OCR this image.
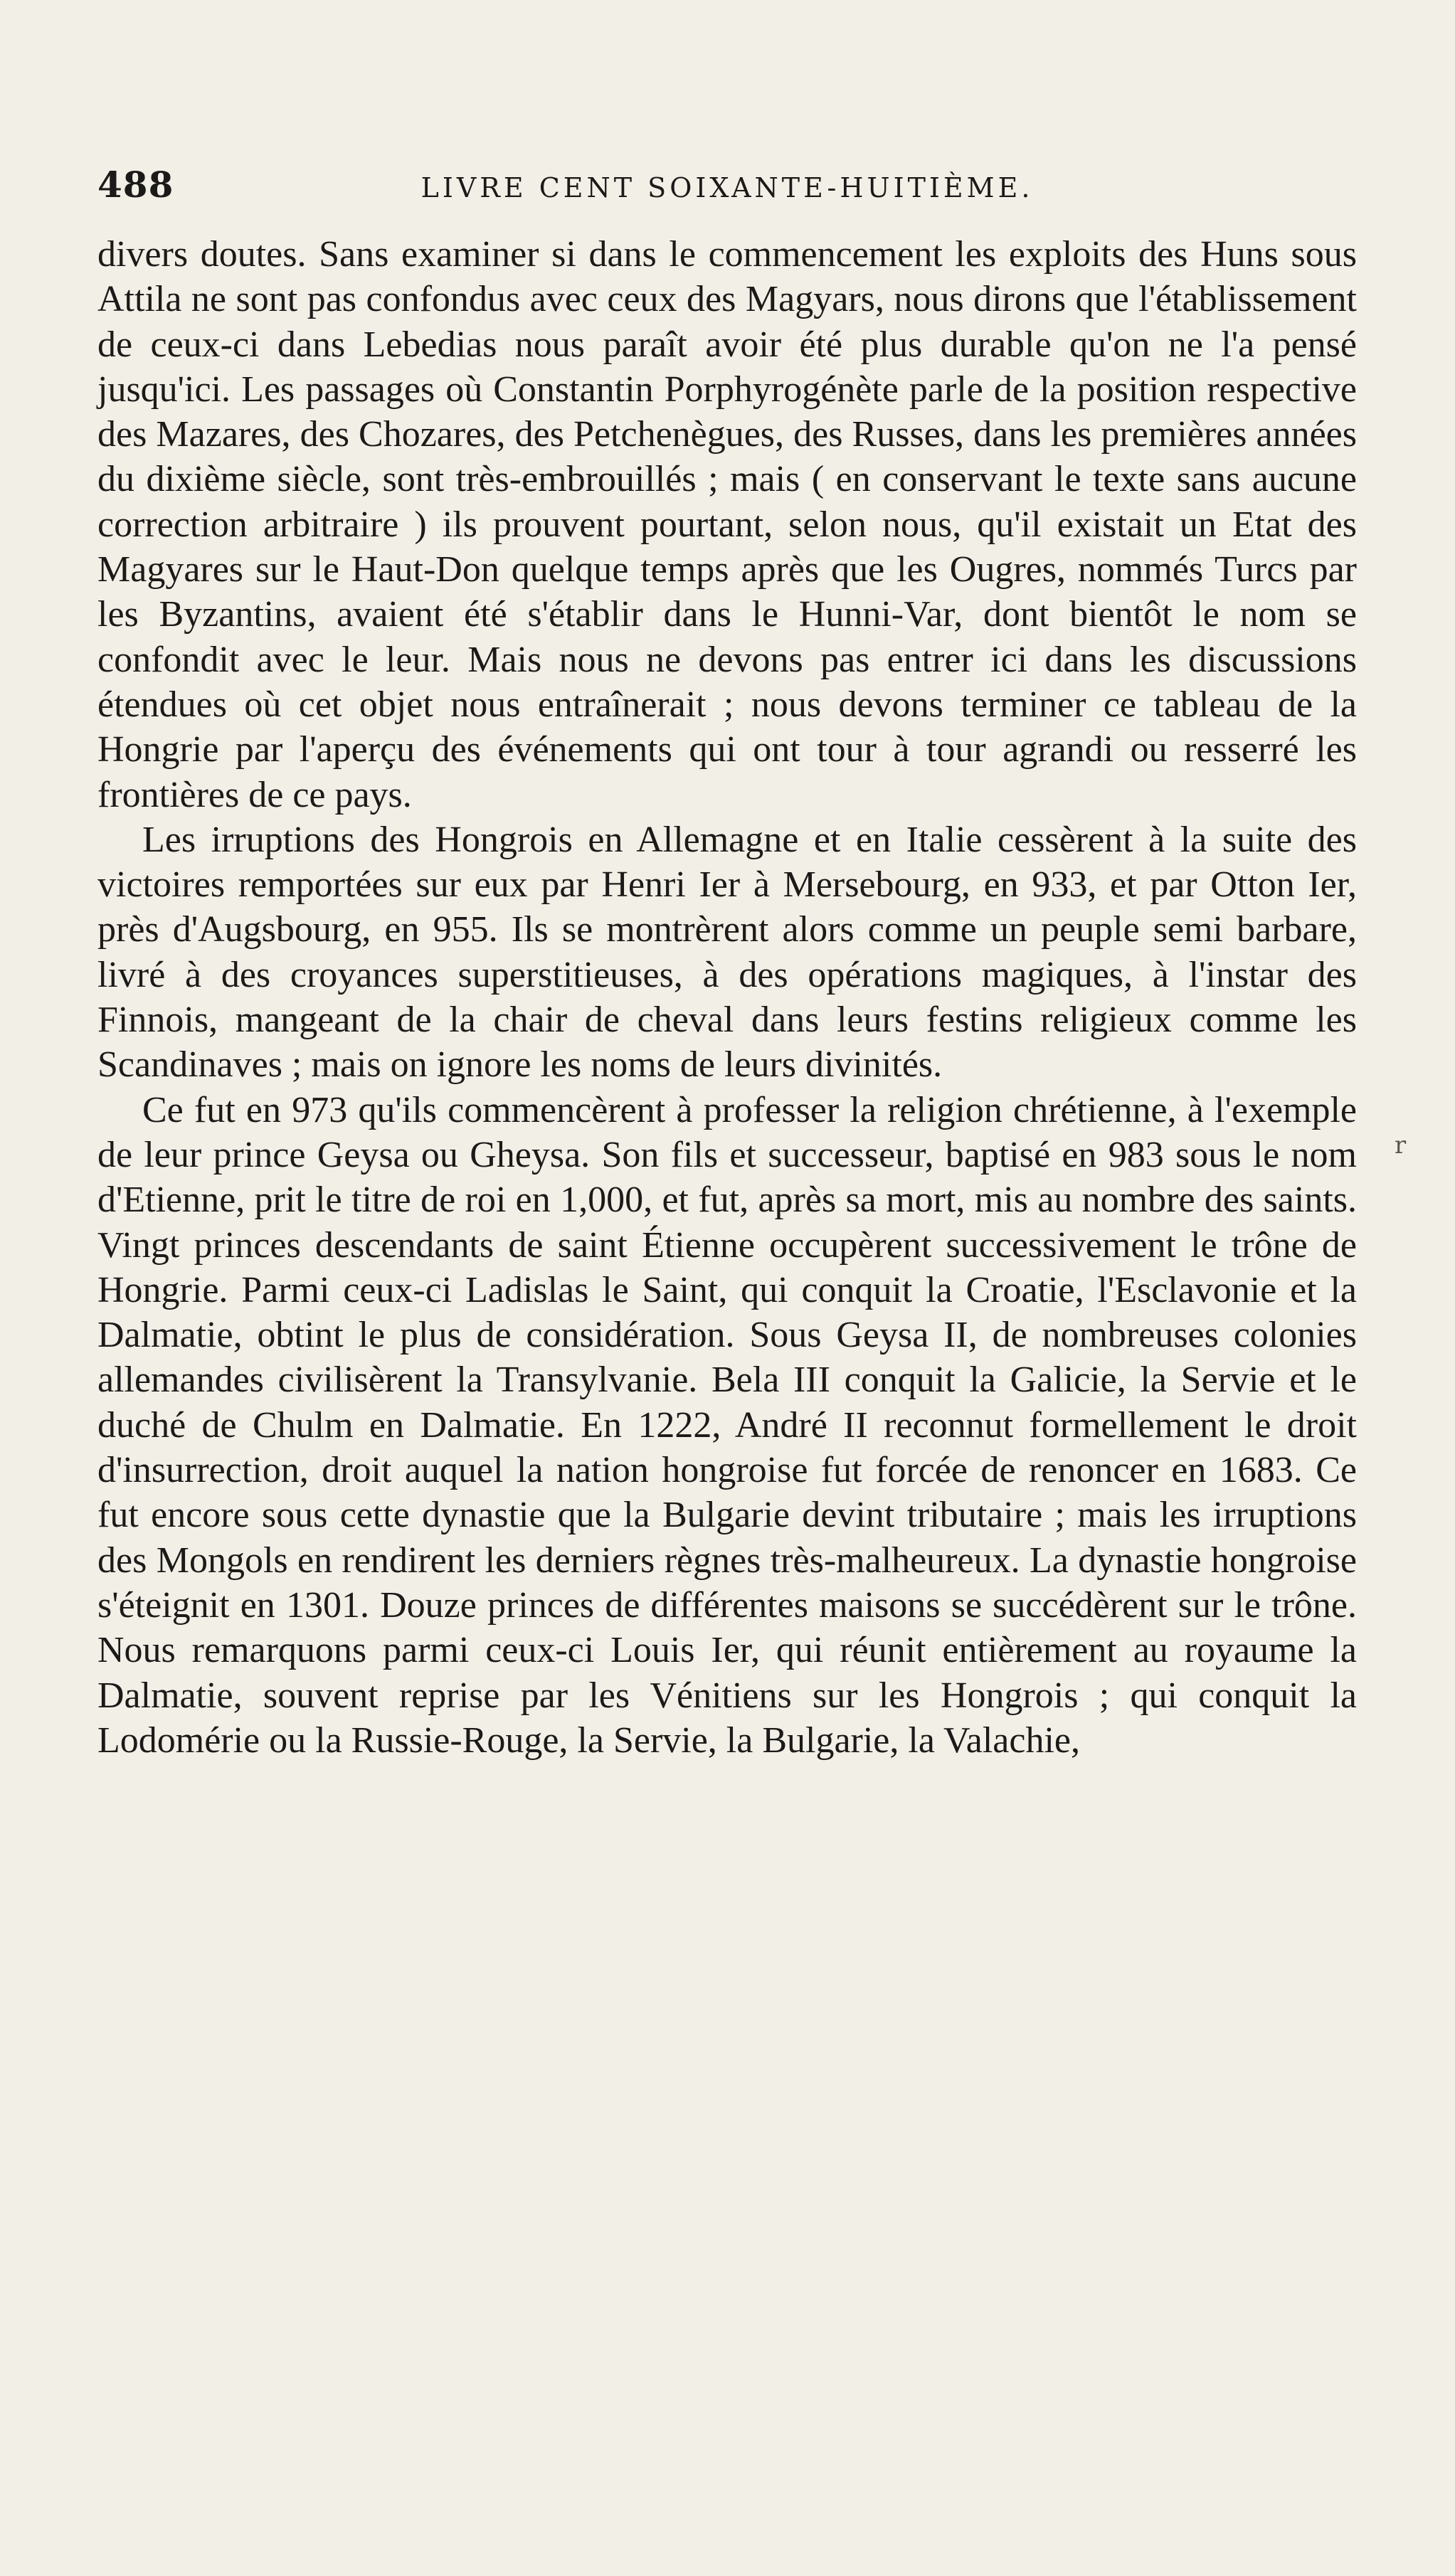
488	LIVRE CENT SOIXANTE-HUITIÈME.

divers doutes. Sans examiner si dans le commencement les exploits des Huns sous Attila ne sont pas confondus avec ceux des Magyars, nous dirons que l'établissement de ceux-ci dans Lebedias nous paraît avoir été plus durable qu'on ne l'a pensé jusqu'ici. Les passages où Constantin Porphyrogénète parle de la position respective des Mazares, des Chozares, des Petchenègues, des Russes, dans les premières années du dixième siècle, sont très-embrouillés ; mais ( en conservant le texte sans aucune correction arbitraire ) ils prouvent pourtant, selon nous, qu'il existait un Etat des Magyares sur le Haut-Don quelque temps après que les Ougres, nommés Turcs par les Byzantins, avaient été s'établir dans le Hunni-Var, dont bientôt le nom se confondit avec le leur. Mais nous ne devons pas entrer ici dans les discussions étendues où cet objet nous entraînerait ; nous devons terminer ce tableau de la Hongrie par l'aperçu des événements qui ont tour à tour agrandi ou resserré les frontières de ce pays.

Les irruptions des Hongrois en Allemagne et en Italie cessèrent à la suite des victoires remportées sur eux par Henri Ier à Mersebourg, en 933, et par Otton Ier, près d'Augsbourg, en 955. Ils se montrèrent alors comme un peuple semi barbare, livré à des croyances superstitieuses, à des opérations magiques, à l'instar des Finnois, mangeant de la chair de cheval dans leurs festins religieux comme les Scandinaves ; mais on ignore les noms de leurs divinités.

Ce fut en 973 qu'ils commencèrent à professer la religion chrétienne, à l'exemple de leur prince Geysa ou Gheysa. Son fils et successeur, baptisé en 983 sous le nom d'Etienne, prit le titre de roi en 1,000, et fut, après sa mort, mis au nombre des saints. Vingt princes descendants de saint Étienne occupèrent successivement le trône de Hongrie. Parmi ceux-ci Ladislas le Saint, qui conquit la Croatie, l'Esclavonie et la Dalmatie, obtint le plus de considération. Sous Geysa II, de nombreuses colonies allemandes civilisèrent la Transylvanie. Bela III conquit la Galicie, la Servie et le duché de Chulm en Dalmatie. En 1222, André II reconnut formellement le droit d'insurrection, droit auquel la nation hongroise fut forcée de renoncer en 1683. Ce fut encore sous cette dynastie que la Bulgarie devint tributaire ; mais les irruptions des Mongols en rendirent les derniers règnes très-malheureux. La dynastie hongroise s'éteignit en 1301. Douze princes de différentes maisons se succédèrent sur le trône. Nous remarquons parmi ceux-ci Louis Ier, qui réunit entièrement au royaume la Dalmatie, souvent reprise par les Vénitiens sur les Hongrois ; qui conquit la Lodomérie ou la Russie-Rouge, la Servie, la Bulgarie, la Valachie,

r
